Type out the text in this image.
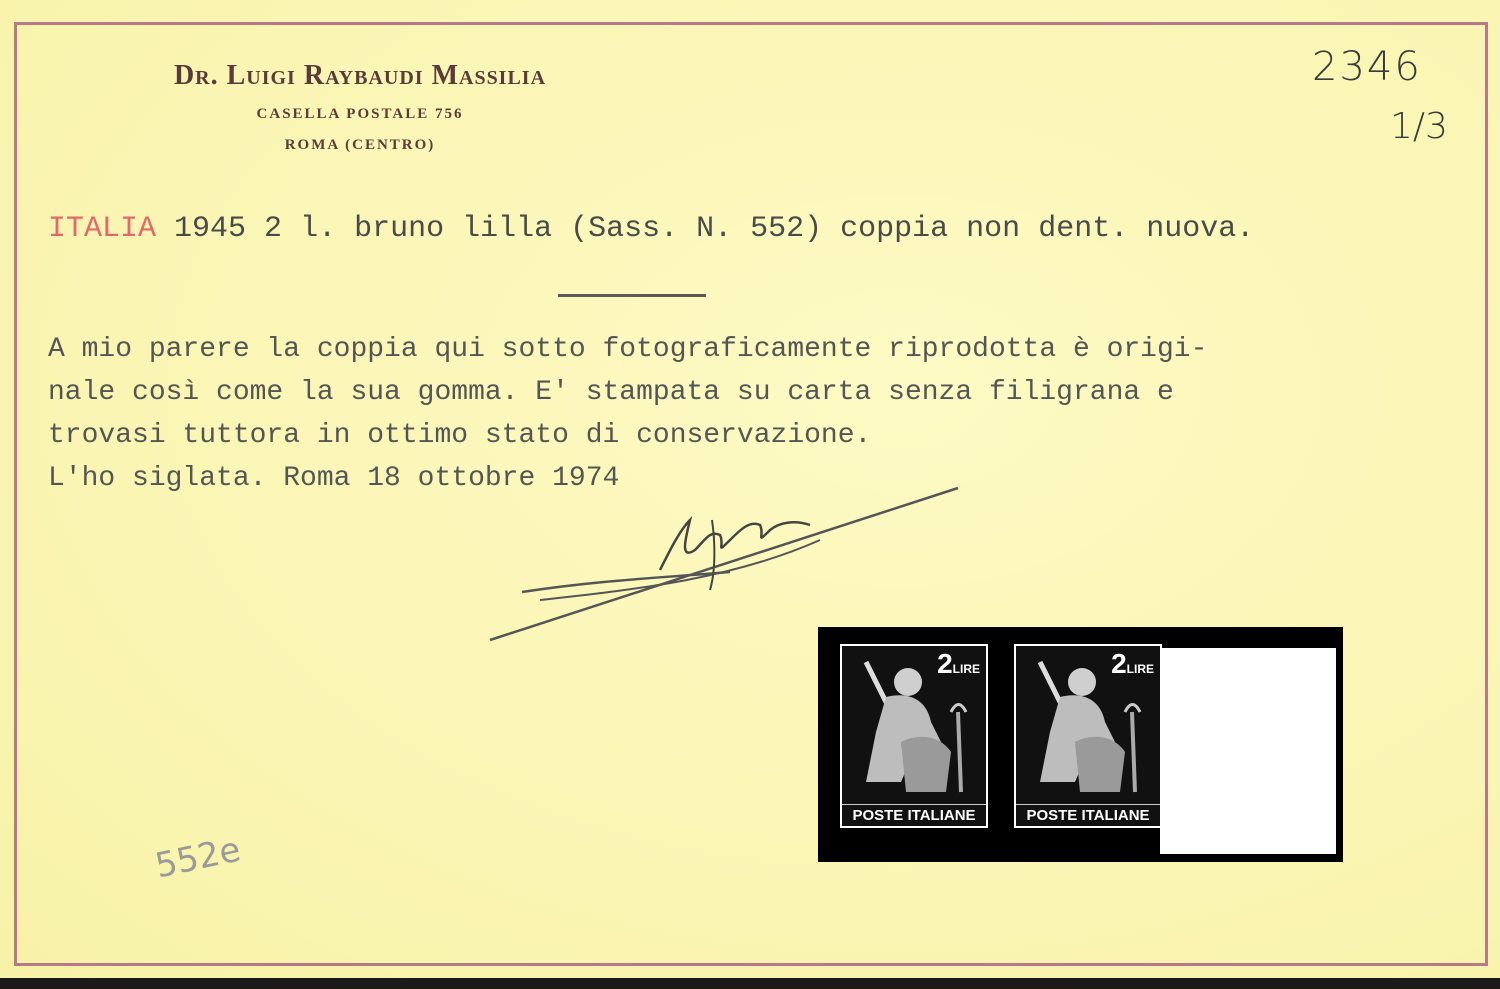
Dr. Luigi Raybaudi Massilia
CASELLA POSTALE 756
ROMA (CENTRO)
2346
1/3
ITALIA 1945 2 l. bruno lilla (Sass. N. 552) coppia non dent. nuova.
A mio parere la coppia qui sotto fotograficamente riprodotta è origi-
nale così come la sua gomma. E' stampata su carta senza filigrana e
trovasi tuttora in ottimo stato di conservazione.
L'ho siglata. Roma 18 ottobre 1974
552e
2LIRE
POSTE ITALIANE
2LIRE
POSTE ITALIANE
